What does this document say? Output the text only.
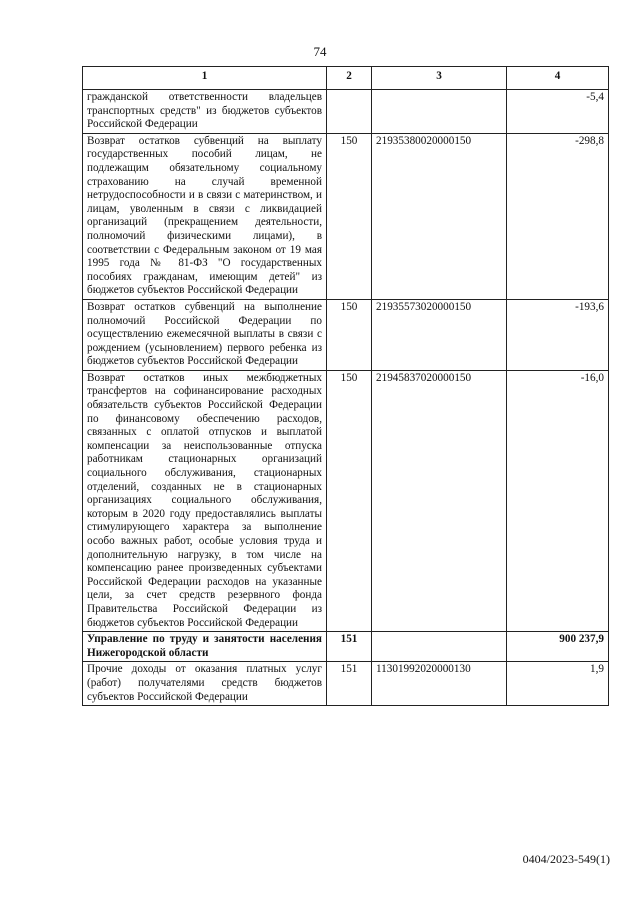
74
1	2	3	4
гражданской ответственности владельцев транспортных средств" из бюджетов субъектов Российской Федерации			-5,4
Возврат остатков субвенций на выплату государственных пособий лицам, не подлежащим обязательному социальному страхованию на случай временной нетрудоспособности и в связи с материнством, и лицам, уволенным в связи с ликвидацией организаций (прекращением деятельности, полномочий физическими лицами), в соответствии с Федеральным законом от 19 мая 1995 года № 81-ФЗ "О государственных пособиях гражданам, имеющим детей" из бюджетов субъектов Российской Федерации	150	21935380020000150	-298,8
Возврат остатков субвенций на выполнение полномочий Российской Федерации по осуществлению ежемесячной выплаты в связи с рождением (усыновлением) первого ребенка из бюджетов субъектов Российской Федерации	150	21935573020000150	-193,6
Возврат остатков иных межбюджетных трансфертов на софинансирование расходных обязательств субъектов Российской Федерации по финансовому обеспечению расходов, связанных с оплатой отпусков и выплатой компенсации за неиспользованные отпуска работникам стационарных организаций социального обслуживания, стационарных отделений, созданных не в стационарных организациях социального обслуживания, которым в 2020 году предоставлялись выплаты стимулирующего характера за выполнение особо важных работ, особые условия труда и дополнительную нагрузку, в том числе на компенсацию ранее произведенных субъектами Российской Федерации расходов на указанные цели, за счет средств резервного фонда Правительства Российской Федерации из бюджетов субъектов Российской Федерации	150	21945837020000150	-16,0
Управление по труду и занятости населения Нижегородской области	151		900 237,9
Прочие доходы от оказания платных услуг (работ) получателями средств бюджетов субъектов Российской Федерации	151	11301992020000130	1,9
0404/2023-549(1)
